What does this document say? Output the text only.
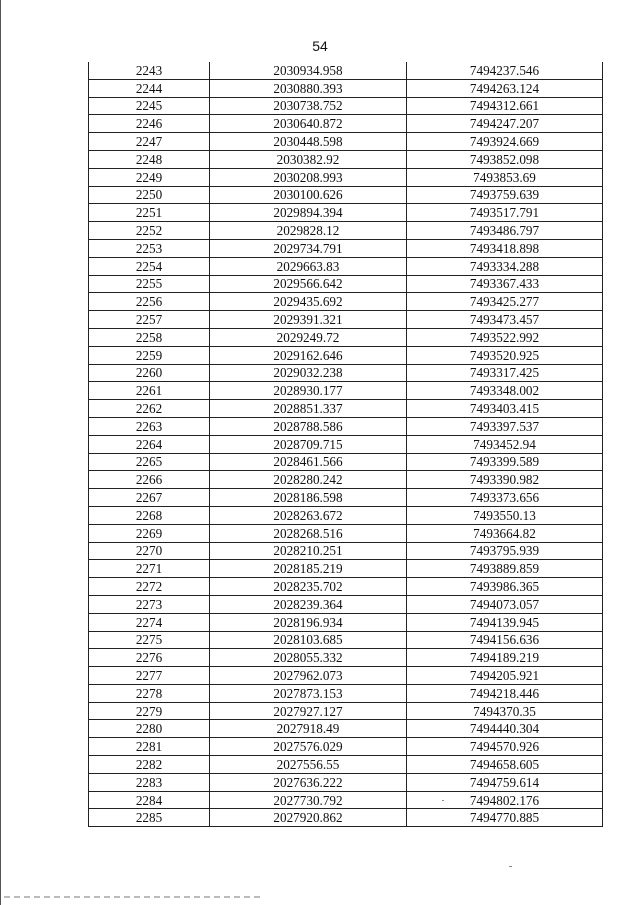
54
2243	2030934.958	7494237.546
2244	2030880.393	7494263.124
2245	2030738.752	7494312.661
2246	2030640.872	7494247.207
2247	2030448.598	7493924.669
2248	2030382.92	7493852.098
2249	2030208.993	7493853.69
2250	2030100.626	7493759.639
2251	2029894.394	7493517.791
2252	2029828.12	7493486.797
2253	2029734.791	7493418.898
2254	2029663.83	7493334.288
2255	2029566.642	7493367.433
2256	2029435.692	7493425.277
2257	2029391.321	7493473.457
2258	2029249.72	7493522.992
2259	2029162.646	7493520.925
2260	2029032.238	7493317.425
2261	2028930.177	7493348.002
2262	2028851.337	7493403.415
2263	2028788.586	7493397.537
2264	2028709.715	7493452.94
2265	2028461.566	7493399.589
2266	2028280.242	7493390.982
2267	2028186.598	7493373.656
2268	2028263.672	7493550.13
2269	2028268.516	7493664.82
2270	2028210.251	7493795.939
2271	2028185.219	7493889.859
2272	2028235.702	7493986.365
2273	2028239.364	7494073.057
2274	2028196.934	7494139.945
2275	2028103.685	7494156.636
2276	2028055.332	7494189.219
2277	2027962.073	7494205.921
2278	2027873.153	7494218.446
2279	2027927.127	7494370.35
2280	2027918.49	7494440.304
2281	2027576.029	7494570.926
2282	2027556.55	7494658.605
2283	2027636.222	7494759.614
2284	2027730.792	7494802.176
2285	2027920.862	7494770.885
